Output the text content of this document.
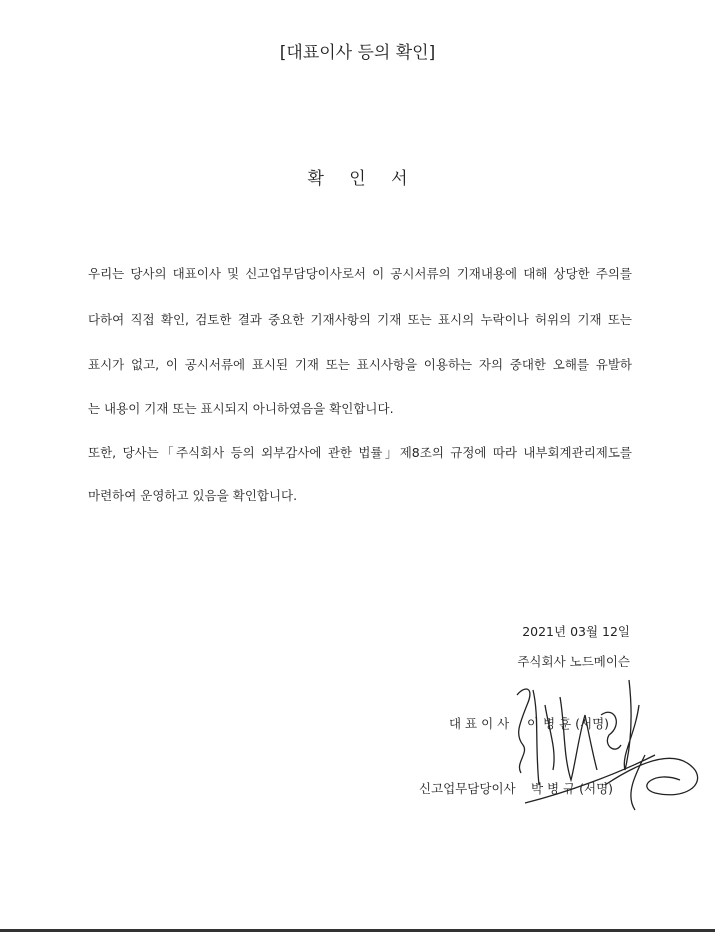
[대표이사 등의 확인]
확 인 서
우리는 당사의 대표이사 및 신고업무담당이사로서 이 공시서류의 기재내용에 대해 상당한 주의를
다하여 직접 확인, 검토한 결과 중요한 기재사항의 기재 또는 표시의 누락이나 허위의 기재 또는
표시가 없고, 이 공시서류에 표시된 기재 또는 표시사항을 이용하는 자의 중대한 오해를 유발하
는 내용이 기재 또는 표시되지 아니하였음을 확인합니다.
또한, 당사는「주식회사 등의 외부감사에 관한 법률」제8조의 규정에 따라 내부회계관리제도를
마련하여 운영하고 있음을 확인합니다.
2021년 03월 12일
주식회사 노드메이슨
대 표 이 사 이 병 훈 (서명)
신고업무담당이사 박 병 규 (서명)
